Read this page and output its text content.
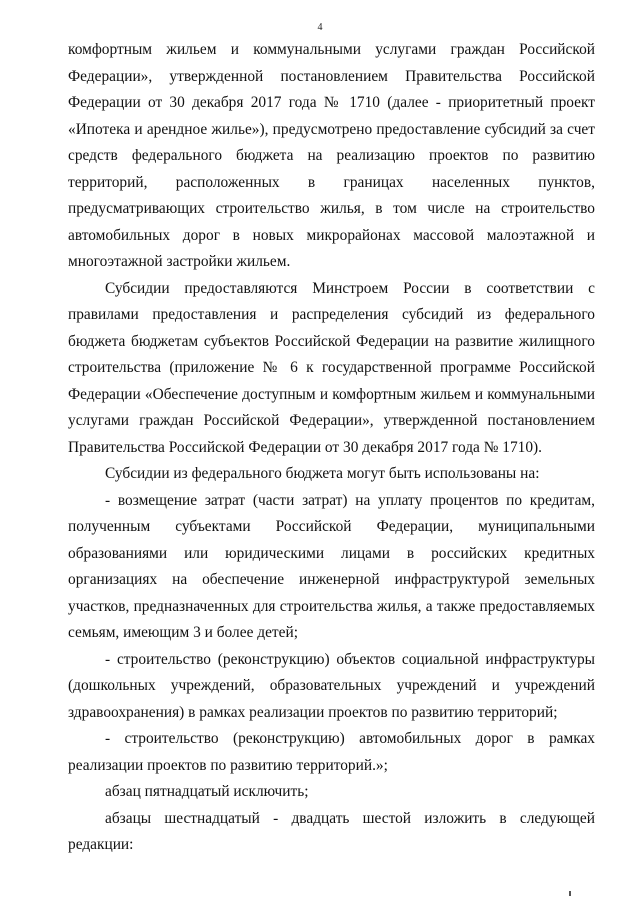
4

комфортным жильем и коммунальными услугами граждан Российской Федерации», утвержденной постановлением Правительства Российской Федерации от 30 декабря 2017 года № 1710 (далее - приоритетный проект «Ипотека и арендное жилье»), предусмотрено предоставление субсидий за счет средств федерального бюджета на реализацию проектов по развитию территорий, расположенных в границах населенных пунктов, предусматривающих строительство жилья, в том числе на строительство автомобильных дорог в новых микрорайонах массовой малоэтажной и многоэтажной застройки жильем.

Субсидии предоставляются Минстроем России в соответствии с правилами предоставления и распределения субсидий из федерального бюджета бюджетам субъектов Российской Федерации на развитие жилищного строительства (приложение № 6 к государственной программе Российской Федерации «Обеспечение доступным и комфортным жильем и коммунальными услугами граждан Российской Федерации», утвержденной постановлением Правительства Российской Федерации от 30 декабря 2017 года № 1710).

Субсидии из федерального бюджета могут быть использованы на:

- возмещение затрат (части затрат) на уплату процентов по кредитам, полученным субъектами Российской Федерации, муниципальными образованиями или юридическими лицами в российских кредитных организациях на обеспечение инженерной инфраструктурой земельных участков, предназначенных для строительства жилья, а также предоставляемых семьям, имеющим 3 и более детей;

- строительство (реконструкцию) объектов социальной инфраструктуры (дошкольных учреждений, образовательных учреждений и учреждений здравоохранения) в рамках реализации проектов по развитию территорий;

- строительство (реконструкцию) автомобильных дорог в рамках реализации проектов по развитию территорий.»;

абзац пятнадцатый исключить;

абзацы шестнадцатый - двадцать шестой изложить в следующей редакции:
